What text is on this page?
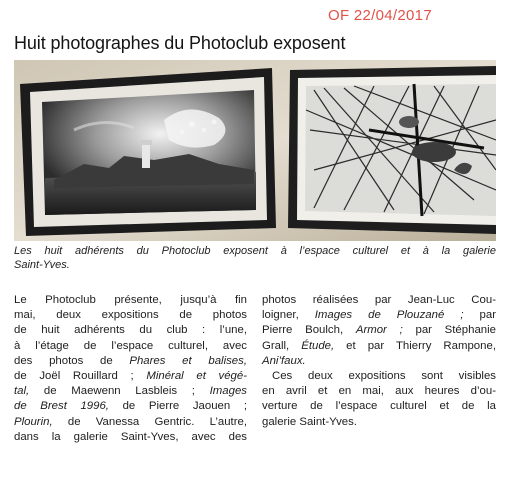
OF 22/04/2017
Huit photographes du Photoclub exposent
Les huit adhérents du Photoclub exposent à l’espace culturel et à la galerie
Saint-Yves.
Le Photoclub présente, jusqu’à fin
mai, deux expositions de photos
de huit adhérents du club : l’une,
à l’étage de l’espace culturel, avec
des photos de Phares et balises,
de Joël Rouillard ; Minéral et végé-
tal, de Maewenn Lasbleis ; Images
de Brest 1996, de Pierre Jaouen ;
Plourin, de Vanessa Gentric. L’autre,
dans la galerie Saint-Yves, avec des
photos réalisées par Jean-Luc Cou-
loigner, Images de Plouzané ; par
Pierre Boulch, Armor ; par Stéphanie
Grall, Étude, et par Thierry Rampone,
Ani’faux.
Ces deux expositions sont visibles
en avril et en mai, aux heures d’ou-
verture de l’espace culturel et de la
galerie Saint-Yves.
